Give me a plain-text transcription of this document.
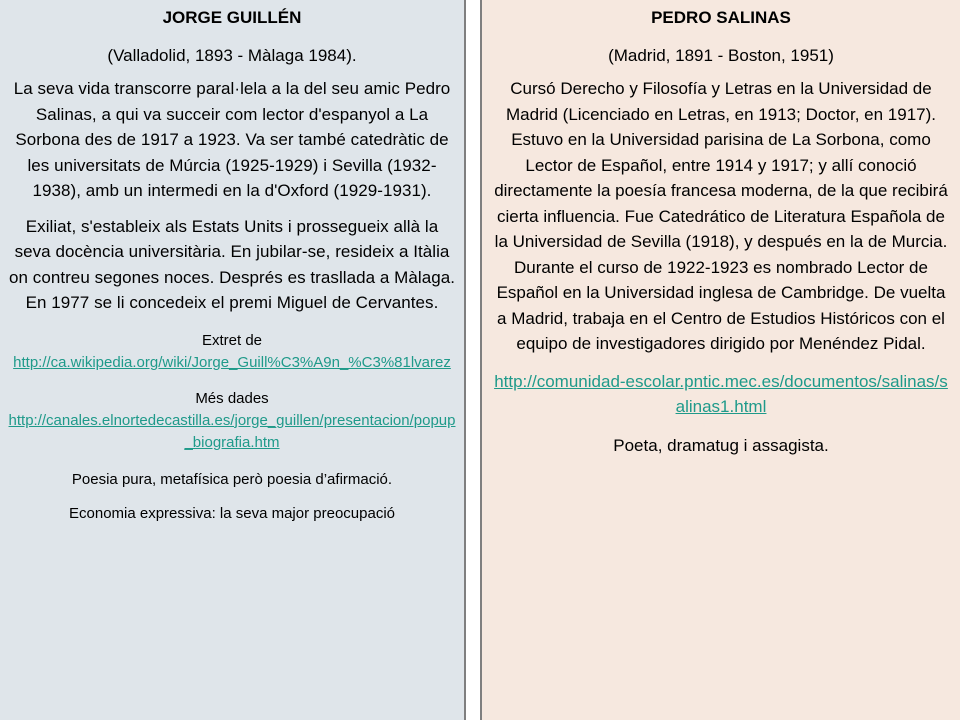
JORGE GUILLÉN

(Valladolid, 1893 - Màlaga 1984).

La seva vida transcorre paral·lela a la del seu amic Pedro Salinas, a qui va succeir com lector d'espanyol a La Sorbona des de 1917 a 1923. Va ser també catedràtic de les universitats de Múrcia (1925-1929) i Sevilla (1932-1938), amb un intermedi en la d'Oxford (1929-1931).

Exiliat, s'estableix als Estats Units i prossegueix allà la seva docència universitària. En jubilar-se, resideix a Itàlia on contreu segones noces. Després es trasllada a Màlaga. En 1977 se li concedeix el premi Miguel de Cervantes.

Extret de

http://ca.wikipedia.org/wiki/Jorge_Guill%C3%A9n_%C3%81lvarez

Més dades

http://canales.elnortedecastilla.es/jorge_guillen/presentacion/popup_biografia.htm

Poesia pura, metafísica però poesia d’afirmació.

Economia expressiva: la seva major preocupació

PEDRO SALINAS

(Madrid, 1891 - Boston, 1951)

Cursó Derecho y Filosofía y Letras en la Universidad de Madrid (Licenciado en Letras, en 1913; Doctor, en 1917). Estuvo en la Universidad parisina de La Sorbona, como Lector de Español, entre 1914 y 1917; y allí conoció directamente la poesía francesa moderna, de la que recibirá cierta influencia. Fue Catedrático de Literatura Española de la Universidad de Sevilla (1918), y después en la de Murcia. Durante el curso de 1922-1923 es nombrado Lector de Español en la Universidad inglesa de Cambridge. De vuelta a Madrid, trabaja en el Centro de Estudios Históricos con el equipo de investigadores dirigido por Menéndez Pidal.

http://comunidad-escolar.pntic.mec.es/documentos/salinas/salinas1.html

Poeta, dramatug i assagista.
